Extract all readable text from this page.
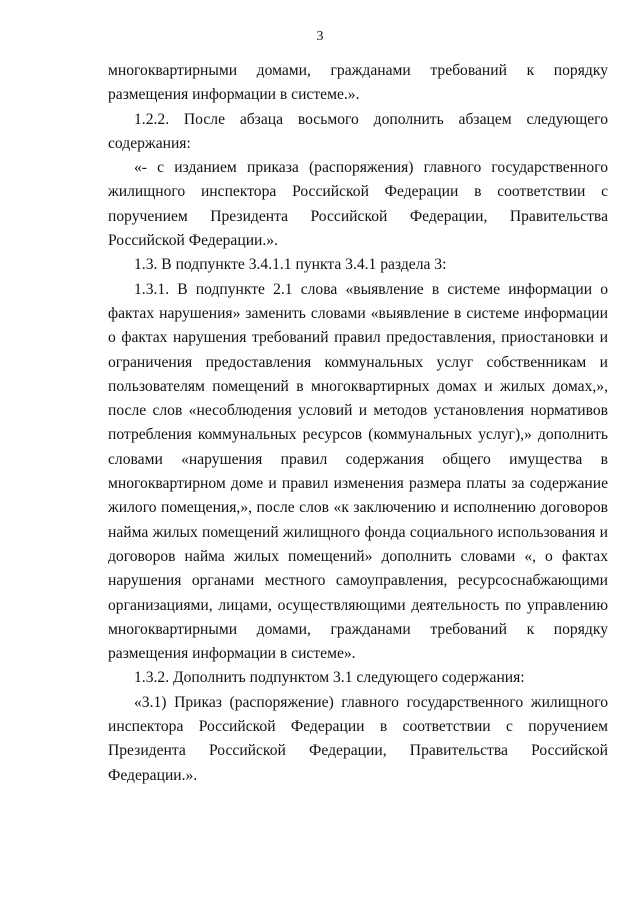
3

многоквартирными домами, гражданами требований к порядку размещения информации в системе.».

1.2.2. После абзаца восьмого дополнить абзацем следующего содержания:

«- с изданием приказа (распоряжения) главного государственного жилищного инспектора Российской Федерации в соответствии с поручением Президента Российской Федерации, Правительства Российской Федерации.».

1.3. В подпункте 3.4.1.1 пункта 3.4.1 раздела 3:

1.3.1. В подпункте 2.1 слова «выявление в системе информации о фактах нарушения» заменить словами «выявление в системе информации о фактах нарушения требований правил предоставления, приостановки и ограничения предоставления коммунальных услуг собственникам и пользователям помещений в многоквартирных домах и жилых домах,», после слов «несоблюдения условий и методов установления нормативов потребления коммунальных ресурсов (коммунальных услуг),» дополнить словами «нарушения правил содержания общего имущества в многоквартирном доме и правил изменения размера платы за содержание жилого помещения,», после слов «к заключению и исполнению договоров найма жилых помещений жилищного фонда социального использования и договоров найма жилых помещений» дополнить словами «, о фактах нарушения органами местного самоуправления, ресурсоснабжающими организациями, лицами, осуществляющими деятельность по управлению многоквартирными домами, гражданами требований к порядку размещения информации в системе».

1.3.2. Дополнить подпунктом 3.1 следующего содержания:

«3.1) Приказ (распоряжение) главного государственного жилищного инспектора Российской Федерации в соответствии с поручением Президента Российской Федерации, Правительства Российской Федерации.».
